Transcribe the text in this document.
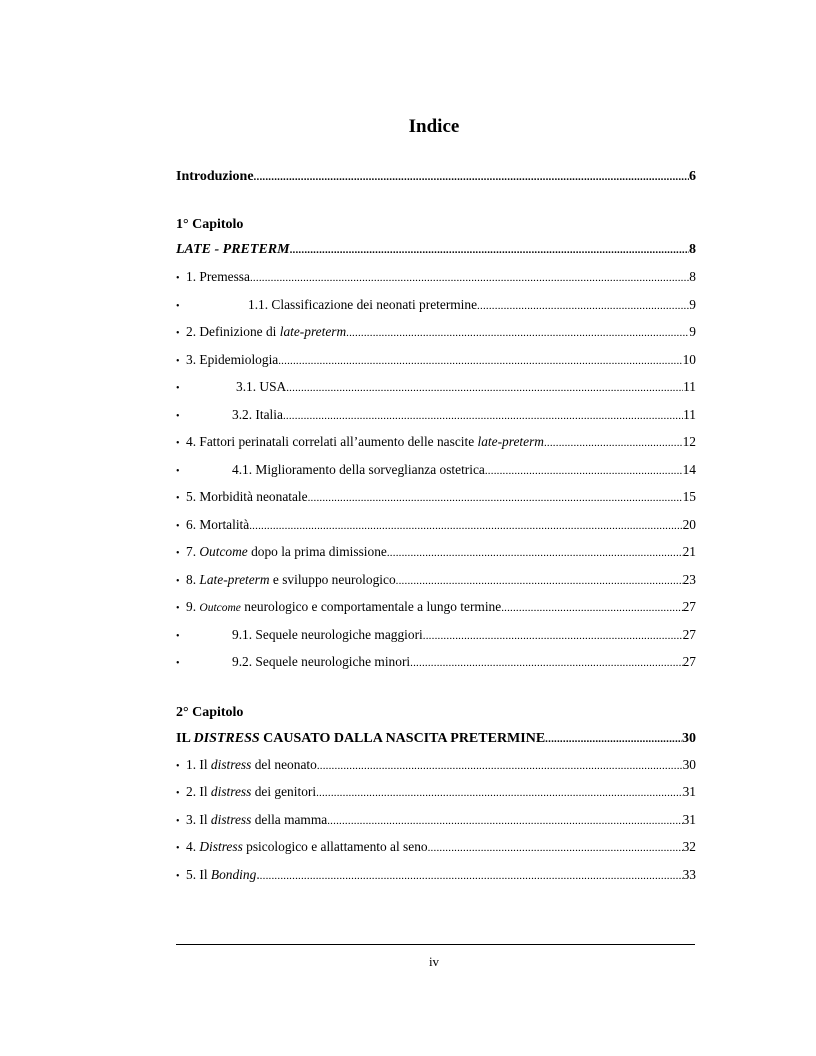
Indice
Introduzione .....	6
1° Capitolo
LATE - PRETERM .....	8
• 1. Premessa .....	8
•	1.1. Classificazione dei neonati pretermine .....	9
• 2. Definizione di late-preterm .....	9
• 3. Epidemiologia .....	10
•	3.1. USA .....	11
•	3.2. Italia .....	11
• 4. Fattori perinatali correlati all’aumento delle nascite late-preterm .....	12
•	4.1. Miglioramento della sorveglianza ostetrica .....	14
• 5. Morbidità neonatale .....	15
• 6. Mortalità .....	20
• 7. Outcome dopo la prima dimissione .....	21
• 8. Late-preterm e sviluppo neurologico .....	23
• 9. Outcome neurologico e comportamentale a lungo termine .....	27
•	9.1. Sequele neurologiche maggiori .....	27
•	9.2. Sequele neurologiche minori .....	27
2° Capitolo
IL DISTRESS CAUSATO DALLA NASCITA PRETERMINE .....	30
• 1. Il distress del neonato .....	30
• 2. Il distress dei genitori .....	31
• 3. Il distress della mamma .....	31
• 4. Distress psicologico e allattamento al seno .....	32
• 5. Il Bonding. .....	33
iv
